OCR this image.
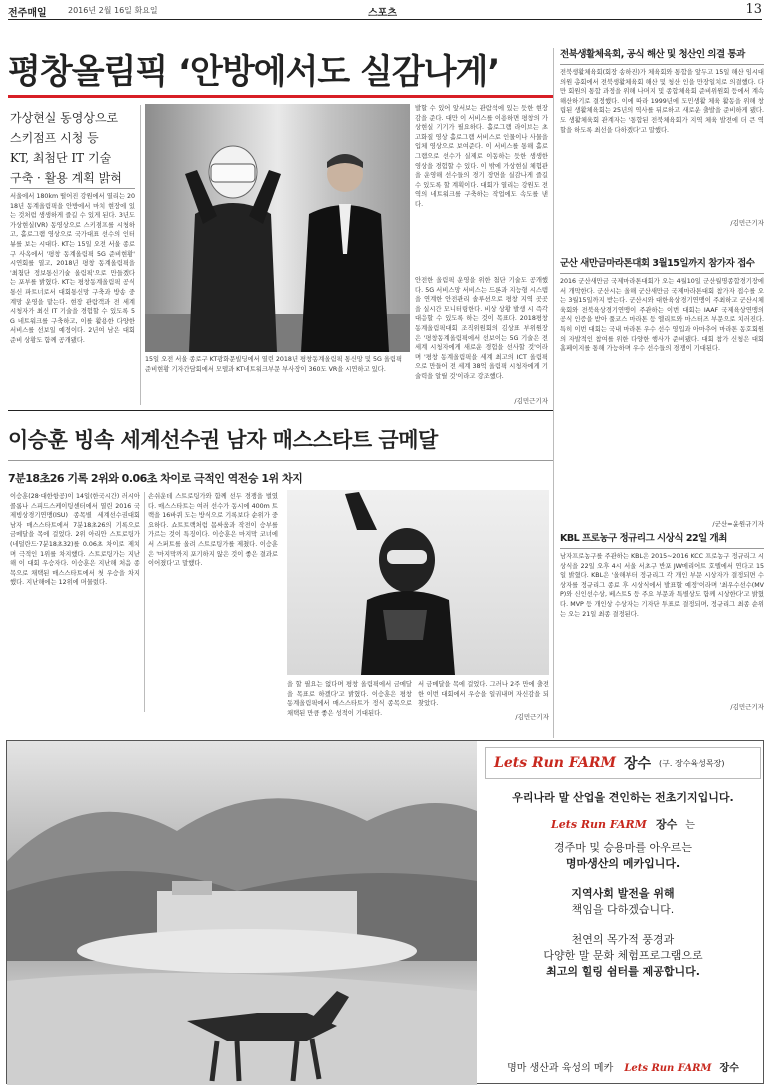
전주매일	2016년 2월 16일 화요일	스포츠	13
평창올림픽 ‘안방에서도 실감나게’
가상현실 동영상으로
스키점프 시청 등
KT, 최첨단 IT 기술
구축 · 활용 계획 밝혀
서울에서 180km 떨어진 강원에서 열리는 2018년 동계올림픽을 안방에서 마치 현장에 있는 것처럼 생생하게 즐길 수 있게 된다. 3년도 가상현실(VR) 동영상으로 스키점프를 시청하고, 홀로그램 영상으로 국가대표 선수의 인터뷰를 보는 시대다. KT는 15일 오전 서울 종로구 사옥에서 '평창 동계올림픽 5G 준비현황' 시연회를 열고, 2018년 평창 동계올림픽을 '최첨단 정보통신기술 올림픽'으로 만들겠다는 포부를 밝혔다. KT는 평창동계올림픽 공식 통신 파트너로서 대회통신망 구축과 방송 중계망 운영을 맡는다. 현장 관람객과 전 세계 시청자가 최신 IT 기술을 경험할 수 있도록 5G 네트워크를 구축하고, 이를 활용한 다양한 서비스를 선보일 예정이다. 2년여 남은 대회 준비 상황도 함께 공개됐다.
15일 오전 서울 종로구 KT광화문빌딩에서 열린 2018년 평창동계올림픽 통신망 및 5G 올림픽 준비현황 기자간담회에서 모델과 KT네트워크부문 부사장이 360도 VR을 시연하고 있다.
발할 수 있어 앞서보는 관람석에 있는 듯한 현장감을 준다. 대만 이 서비스를 이용하면 평창의 가상현실 기기가 필요하다. 홀로그램 라이브는 초고화질 영상 홀로그램 서비스로 인물이나 사물을 입체 영상으로 보여준다. 이 서비스를 통해 홀로그램으로 선수가 실제로 이동하는 듯한 생생한 영상을 경험할 수 있다. 이 밖에 가상현실 체험관을 운영해 선수들의 경기 장면을 실감나게 즐길 수 있도록 할 계획이다. 대회가 열리는 강원도 전역의 네트워크를 구축하는 작업에도 속도를 낸다.
안전한 올림픽 운영을 위한 첨단 기술도 공개했다. 5G 서비스망 서비스는 드론과 지능형 시스템을 연계한 안전관리 솔루션으로 평창 지역 곳곳을 실시간 모니터링한다. 비상 상황 발생 시 즉각 대응할 수 있도록 하는 것이 목표다. 2018평창동계올림픽대회 조직위원회의 김상표 부위원장은 '평창동계올림픽에서 선보이는 5G 기술은 전 세계 시청자에게 새로운 경험을 선사할 것'이라며 '평창 동계올림픽을 세계 최고의 ICT 올림픽으로 만들어 전 세계 38억 올림픽 시청자에게 기술력을 알릴 것'이라고 강조했다.
/김민근기자
이승훈 빙속 세계선수권 남자 매스스타트 금메달
7분18초26 기록 2위와 0.06초 차이로 극적인 역전승 1위 차지
이승훈(28·대한항공)이 14일(한국시간) 러시아 콜롬나 스피드스케이팅센터에서 열린 2016 국제빙상경기연맹(ISU) 종목별 세계선수권대회 남자 매스스타트에서 7분18초26의 기록으로 금메달을 목에 걸었다. 2위 아리안 스트로팅가(네덜란드·7분18초32)를 0.06초 차이로 제치며 극적인 1위를 차지했다. 스트로팅가는 지난해 이 대회 우승자다. 이승훈은 지난해 처음 종목으로 채택된 매스스타트에서 첫 우승을 차지했다. 지난해에는 12위에 머물렀다.
손쉬운데 스트로팅가와 함께 선두 경쟁을 벌였다. 매스스타트는 여러 선수가 동시에 400m 트랙을 16바퀴 도는 방식으로 기록보다 순위가 중요하다. 쇼트트랙처럼 몸싸움과 작전이 승부를 가르는 것이 특징이다. 이승훈은 마지막 코너에서 스퍼트를 올려 스트로팅가를 제쳤다. 이승훈은 '마지막까지 포기하지 않은 것이 좋은 결과로 이어졌다'고 말했다.
을 할 필요는 없다며 평창 올림픽에서 금메달을 목표로 하겠다'고 밝혔다. 이승훈은 평창 동계올림픽에서 매스스타트가 정식 종목으로 채택된 만큼 좋은 성적이 기대된다.
서 금메달을 목에 걸었다. 그러나 2주 만에 출전한 이번 대회에서 우승을 일궈내며 자신감을 되찾았다.
/김민근기자
전북생활체육회, 공식 해산 및 청산인 의결 통과
전북생활체육회(회장 송하진)가 체육회와 통합을 앞두고 15일 해산 임시대의원 총회에서 전북생활체육회 해산 및 청산 인을 만장일치로 의결했다. 다만 회원의 통합 과정을 위해 나머지 및 종합체육회 준비위원회 등에서 계속 해산하기로 결정했다. 이에 따라 1999년에 도민생활 체육 활동을 위해 창립된 생활체육회는 25년의 역사를 뒤로하고 새로운 출발을 준비하게 됐다. 도 생활체육회 관계자는 '통합된 전북체육회가 지역 체육 발전에 더 큰 역할을 하도록 최선을 다하겠다'고 말했다.
/김민근기자
군산 새만금마라톤대회 3월15일까지 참가자 접수
2016 군산새만금 국제마라톤대회가 오는 4월10일 군산월명종합경기장에서 개막한다. 군산시는 올해 군산새만금 국제마라톤대회 참가자 접수를 오는 3월15일까지 받는다. 군산시와 대한육상경기연맹이 주최하고 군산시체육회와 전북육상경기연맹이 주관하는 이번 대회는 IAAF 국제육상연맹의 공식 인증을 받아 풀코스 마라톤 등 엘리트와 마스터즈 부문으로 치러진다. 특히 이번 대회는 국내 마라톤 우수 선수 영입과 아마추어 마라톤 동호회원의 자발적인 참여를 위한 다양한 행사가 준비됐다. 대회 참가 신청은 대회 홈페이지를 통해 가능하며 우수 선수들의 경쟁이 기대된다.
/군산=윤원규기자
KBL 프로농구 정규리그 시상식 22일 개최
남자프로농구를 주관하는 KBL은 2015~2016 KCC 프로농구 정규리그 시상식을 22일 오후 4시 서울 서초구 반포 JW메리어트 호텔에서 연다고 15일 밝혔다. KBL은 '올해부터 정규리그 각 개인 부문 시상자가 결정되면 수상자를 정규리그 종료 후 시상식에서 발표할 예정'이라며 '최우수선수(MVP)와 신인선수상, 베스트5 등 주요 부문과 특별상도 함께 시상한다'고 밝혔다. MVP 등 개인상 수상자는 기자단 투표로 결정되며, 정규리그 최종 순위는 오는 21일 최종 결정된다.
/김민근기자
Lets Run FARM 장수 (구. 장수육성목장)
우리나라 말 산업을 견인하는 전초기지입니다.
Lets Run FARM 장수 는
경주마 및 승용마를 아우르는
명마생산의 메카입니다.
지역사회 발전을 위해
책임을 다하겠습니다.
천연의 목가적 풍경과
다양한 말 문화 체험프로그램으로
최고의 힐링 쉼터를 제공합니다.
명마 생산과 육성의 메카 Lets Run FARM 장수
